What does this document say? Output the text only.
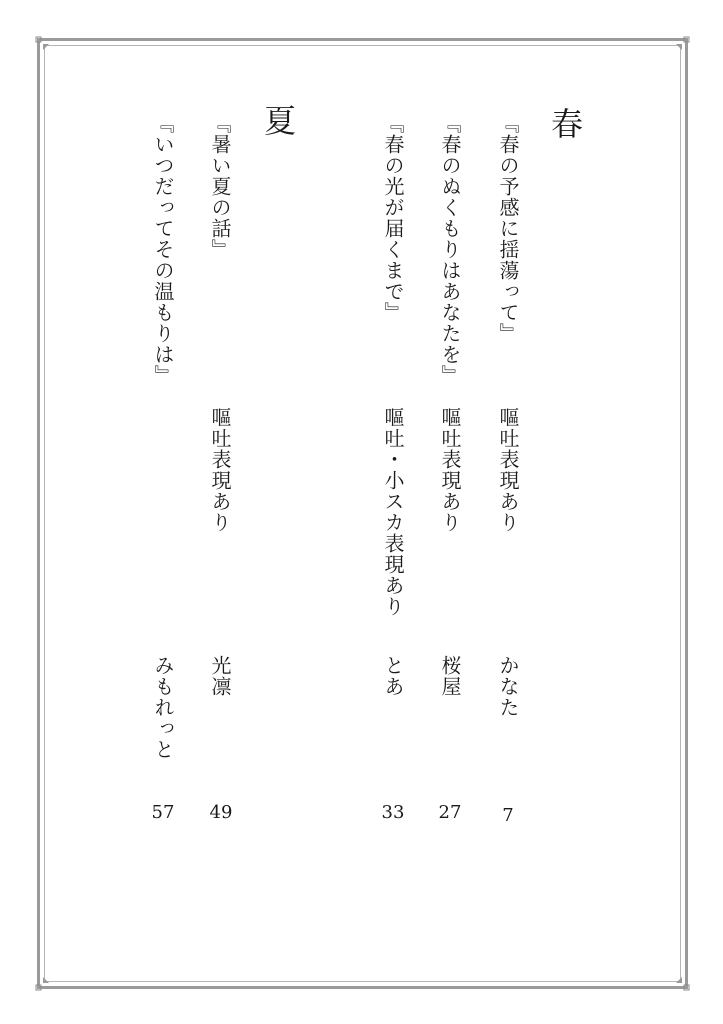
春
『春の予感に揺蕩って』
嘔吐表現あり
かなた
7
『春のぬくもりはあなたを』
嘔吐表現あり
桜屋
27
『春の光が届くまで』
嘔吐・小スカ表現あり
とあ
33
夏
『暑い夏の話』
嘔吐表現あり
光凛
49
『いつだってその温もりは』
みもれっと
57
